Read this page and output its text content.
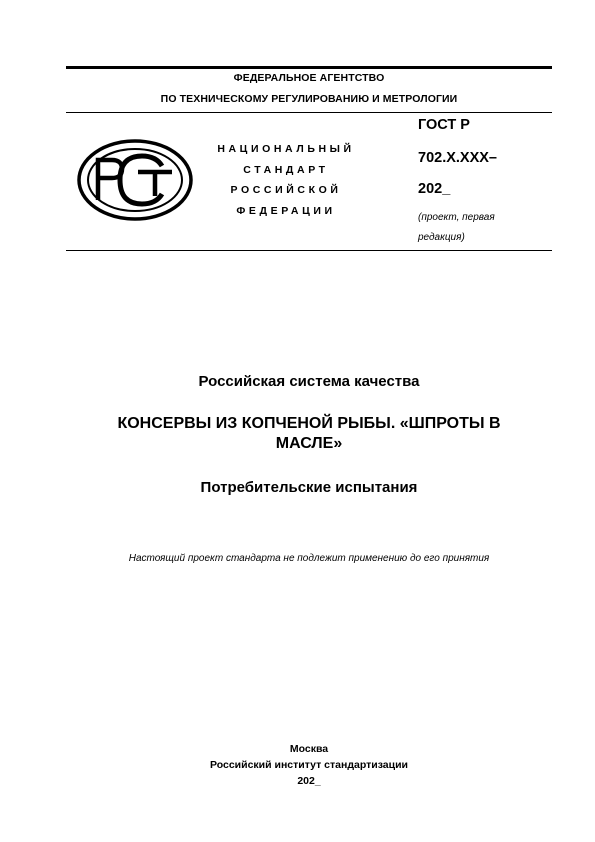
ФЕДЕРАЛЬНОЕ АГЕНТСТВО
ПО ТЕХНИЧЕСКОМУ РЕГУЛИРОВАНИЮ И МЕТРОЛОГИИ
НАЦИОНАЛЬНЫЙ
СТАНДАРТ
РОССИЙСКОЙ
ФЕДЕРАЦИИ
ГОСТ Р
702.Х.ХХХ–
202_
(проект, первая
редакция)
Российская система качества
КОНСЕРВЫ ИЗ КОПЧЕНОЙ РЫБЫ. «ШПРОТЫ В
МАСЛЕ»
Потребительские испытания
Настоящий проект стандарта не подлежит применению до его принятия
Москва
Российский институт стандартизации
202_
